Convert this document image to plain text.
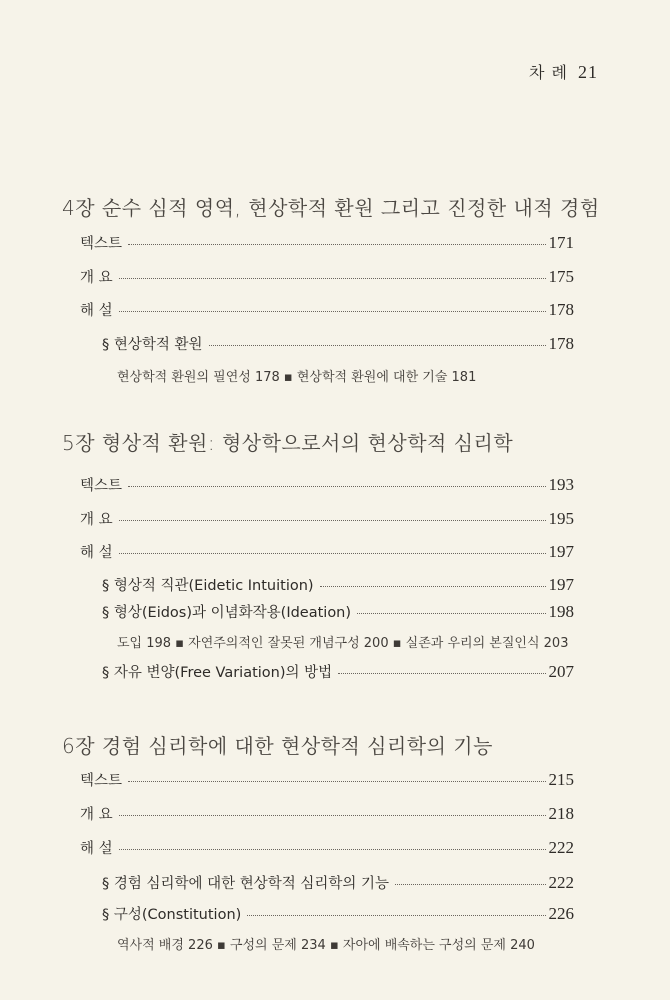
차 례 21
4장 순수 심적 영역, 현상학적 환원 그리고 진정한 내적 경험
텍스트	171
개 요	175
해 설	178
§ 현상학적 환원	178
현상학적 환원의 필연성 178 ▪ 현상학적 환원에 대한 기술 181
5장 형상적 환원: 형상학으로서의 현상학적 심리학
텍스트	193
개 요	195
해 설	197
§ 형상적 직관(Eidetic Intuition)	197
§ 형상(Eidos)과 이념화작용(Ideation)	198
도입 198 ▪ 자연주의적인 잘못된 개념구성 200 ▪ 실존과 우리의 본질인식 203
§ 자유 변양(Free Variation)의 방법	207
6장 경험 심리학에 대한 현상학적 심리학의 기능
텍스트	215
개 요	218
해 설	222
§ 경험 심리학에 대한 현상학적 심리학의 기능	222
§ 구성(Constitution)	226
역사적 배경 226 ▪ 구성의 문제 234 ▪ 자아에 배속하는 구성의 문제 240
